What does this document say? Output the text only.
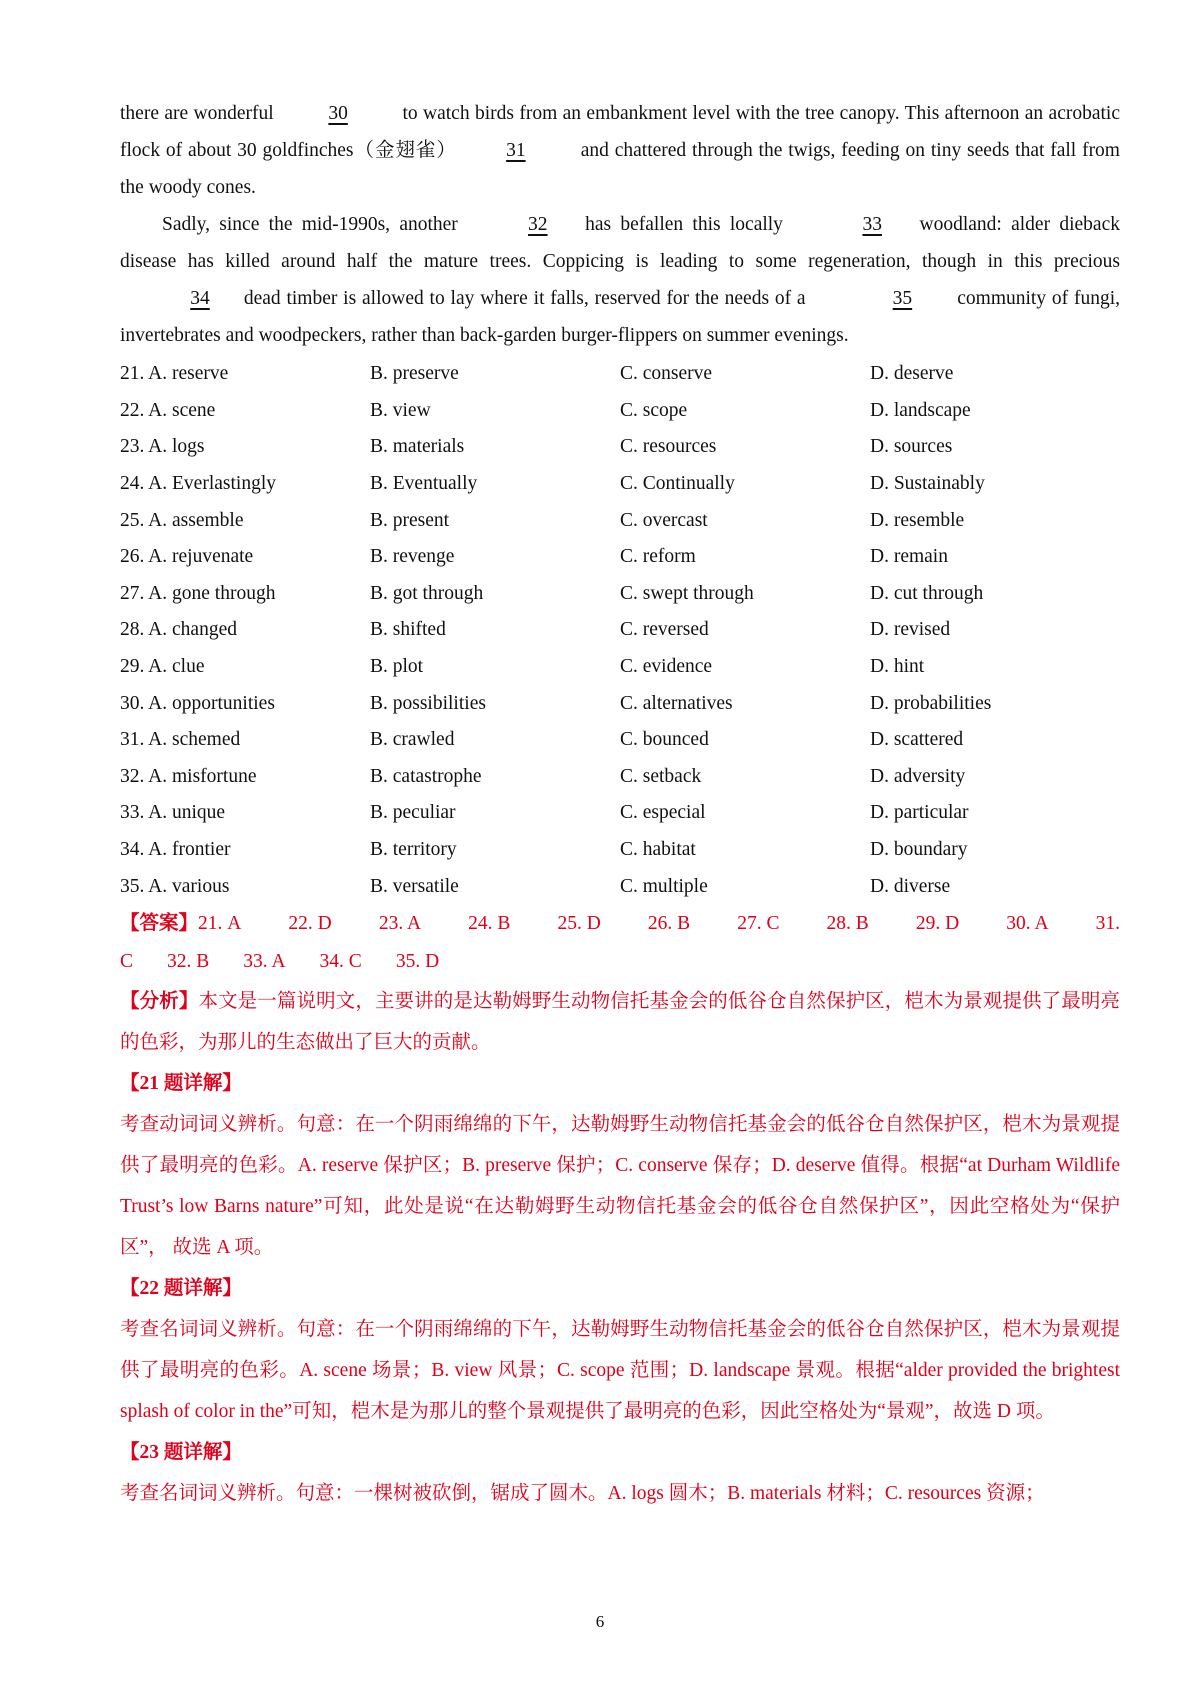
there are wonderful	30	to watch birds from an embankment level with the tree canopy. This afternoon an acrobatic flock of about 30 goldfinches（金翅雀）	31	and chattered through the twigs, feeding on tiny seeds that fall from the woody cones.

Sadly, since the mid-1990s, another	32 has befallen this locally	33 woodland: alder dieback disease has killed around half the mature trees. Coppicing is leading to some regeneration, though in this precious 34 dead timber is allowed to lay where it falls, reserved for the needs of a	35 community of fungi, invertebrates and woodpeckers, rather than back-garden burger-flippers on summer evenings.

21. A. reserve	B. preserve	C. conserve	D. deserve
22. A. scene	B. view	C. scope	D. landscape
23. A. logs	B. materials	C. resources	D. sources
24. A. Everlastingly	B. Eventually	C. Continually	D. Sustainably
25. A. assemble	B. present	C. overcast	D. resemble
26. A. rejuvenate	B. revenge	C. reform	D. remain
27. A. gone through	B. got through	C. swept through	D. cut through
28. A. changed	B. shifted	C. reversed	D. revised
29. A. clue	B. plot	C. evidence	D. hint
30. A. opportunities	B. possibilities	C. alternatives	D. probabilities
31. A. schemed	B. crawled	C. bounced	D. scattered
32. A. misfortune	B. catastrophe	C. setback	D. adversity
33. A. unique	B. peculiar	C. especial	D. particular
34. A. frontier	B. territory	C. habitat	D. boundary
35. A. various	B. versatile	C. multiple	D. diverse
【答案】21. A 22. D 23. A 24. B 25. D 26. B 27. C 28. B 29. D 30. A 31.
C 32. B 33. A 34. C 35. D

【分析】本文是一篇说明文，主要讲的是达勒姆野生动物信托基金会的低谷仓自然保护区，桤木为景观提供了最明亮的色彩，为那儿的生态做出了巨大的贡献。

【21 题详解】

考查动词词义辨析。句意：在一个阴雨绵绵的下午，达勒姆野生动物信托基金会的低谷仓自然保护区，桤木为景观提供了最明亮的色彩。A. reserve 保护区；B. preserve 保护；C. conserve 保存；D. deserve 值得。根据“at Durham Wildlife Trust’s low Barns nature”可知，此处是说“在达勒姆野生动物信托基金会的低谷仓自然保护区”，因此空格处为“保护区”， 故选 A 项。

【22 题详解】

考查名词词义辨析。句意：在一个阴雨绵绵的下午，达勒姆野生动物信托基金会的低谷仓自然保护区，桤木为景观提供了最明亮的色彩。A. scene 场景；B. view 风景；C. scope 范围；D. landscape 景观。根据“alder provided the brightest splash of color in the”可知，桤木是为那儿的整个景观提供了最明亮的色彩，因此空格处为“景观”，故选 D 项。

【23 题详解】

考查名词词义辨析。句意：一棵树被砍倒，锯成了圆木。A. logs 圆木；B. materials 材料；C. resources 资源；

6
